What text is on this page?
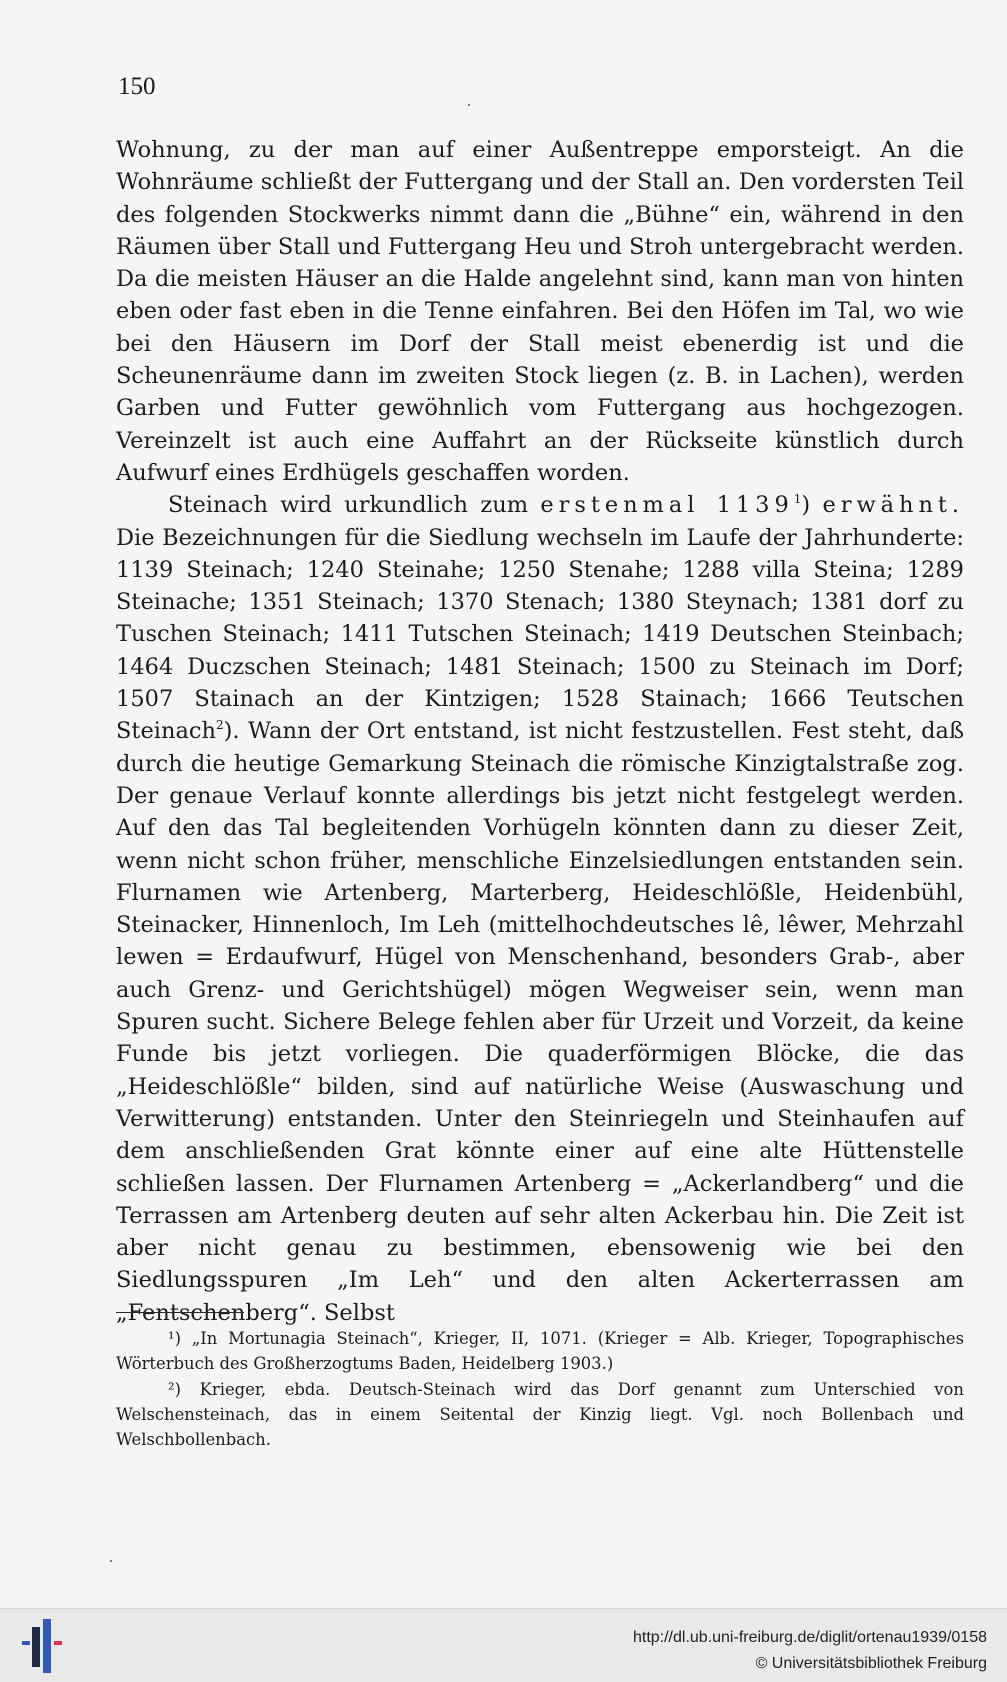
150

Wohnung, zu der man auf einer Außentreppe emporsteigt. An die Wohnräume schließt der Futtergang und der Stall an. Den vordersten Teil des folgenden Stockwerks nimmt dann die „Bühne“ ein, während in den Räumen über Stall und Futtergang Heu und Stroh untergebracht werden. Da die meisten Häuser an die Halde angelehnt sind, kann man von hinten eben oder fast eben in die Tenne einfahren. Bei den Höfen im Tal, wo wie bei den Häusern im Dorf der Stall meist ebenerdig ist und die Scheunenräume dann im zweiten Stock liegen (z. B. in Lachen), werden Garben und Futter gewöhnlich vom Futtergang aus hochgezogen. Vereinzelt ist auch eine Auffahrt an der Rückseite künstlich durch Aufwurf eines Erdhügels geschaffen worden.

Steinach wird urkundlich zum erstenmal 1139$^1$) erwähnt. Die Bezeichnungen für die Siedlung wechseln im Laufe der Jahrhunderte: 1139 Steinach; 1240 Steinahe; 1250 Stenahe; 1288 villa Steina; 1289 Steinache; 1351 Steinach; 1370 Stenach; 1380 Steynach; 1381 dorf zu Tuschen Steinach; 1411 Tutschen Steinach; 1419 Deutschen Steinbach; 1464 Duczschen Steinach; 1481 Steinach; 1500 zu Steinach im Dorf; 1507 Stainach an der Kintzigen; 1528 Stainach; 1666 Teutschen Steinach$^2$). Wann der Ort entstand, ist nicht festzustellen. Fest steht, daß durch die heutige Gemarkung Steinach die römische Kinzigtalstraße zog. Der genaue Verlauf konnte allerdings bis jetzt nicht festgelegt werden. Auf den das Tal begleitenden Vorhügeln könnten dann zu dieser Zeit, wenn nicht schon früher, menschliche Einzelsiedlungen entstanden sein. Flurnamen wie Artenberg, Marterberg, Heideschlößle, Heidenbühl, Steinacker, Hinnenloch, Im Leh (mittelhochdeutsches lê, lêwer, Mehrzahl lewen = Erdaufwurf, Hügel von Menschenhand, besonders Grab-, aber auch Grenz- und Gerichtshügel) mögen Wegweiser sein, wenn man Spuren sucht. Sichere Belege fehlen aber für Urzeit und Vorzeit, da keine Funde bis jetzt vorliegen. Die quaderförmigen Blöcke, die das „Heideschlößle“ bilden, sind auf natürliche Weise (Auswaschung und Verwitterung) entstanden. Unter den Steinriegeln und Steinhaufen auf dem anschließenden Grat könnte einer auf eine alte Hüttenstelle schließen lassen. Der Flurnamen Artenberg = „Ackerlandberg“ und die Terrassen am Artenberg deuten auf sehr alten Ackerbau hin. Die Zeit ist aber nicht genau zu bestimmen, ebensowenig wie bei den Siedlungsspuren „Im Leh“ und den alten Ackerterrassen am „Fentschenberg“. Selbst

¹) „In Mortunagia Steinach“, Krieger, II, 1071. (Krieger = Alb. Krieger, Topographisches Wörterbuch des Großherzogtums Baden, Heidelberg 1903.)

²) Krieger, ebda. Deutsch-Steinach wird das Dorf genannt zum Unterschied von Welschensteinach, das in einem Seitental der Kinzig liegt. Vgl. noch Bollenbach und Welschbollenbach.

http://dl.ub.uni-freiburg.de/diglit/ortenau1939/0158
© Universitätsbibliothek Freiburg
